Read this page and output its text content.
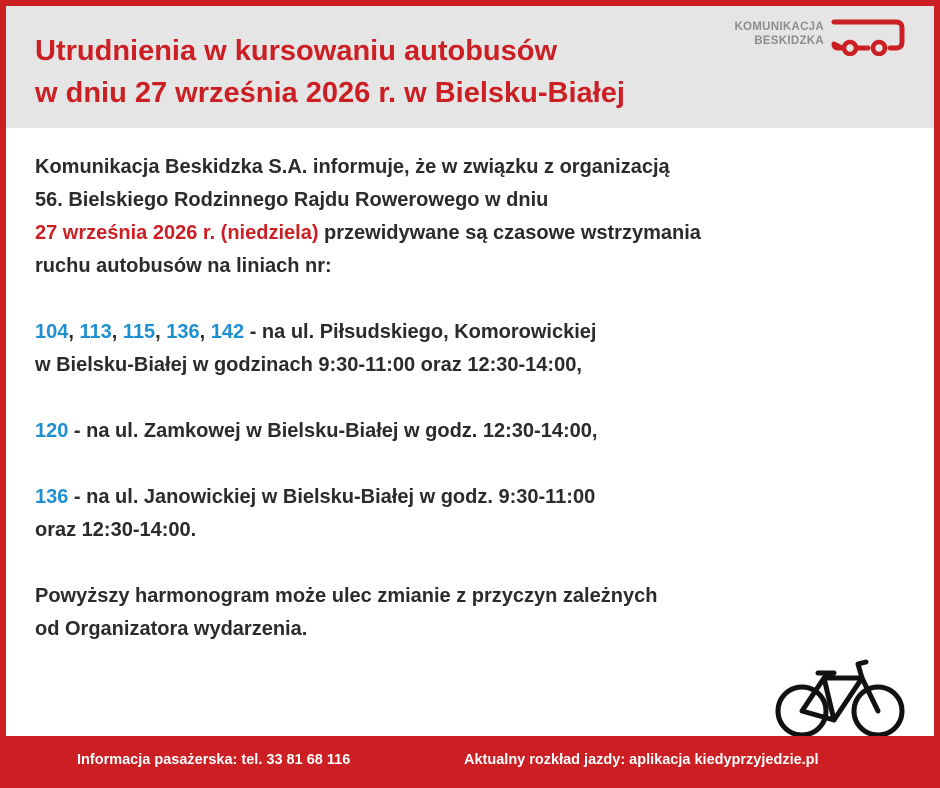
Utrudnienia w kursowaniu autobusów
w dniu 27 września 2026 r. w Bielsku-Białej
KOMUNIKACJA
BESKIDZKA

Komunikacja Beskidzka S.A. informuje, że w związku z organizacją
56. Bielskiego Rodzinnego Rajdu Rowerowego w dniu
27 września 2026 r. (niedziela) przewidywane są czasowe wstrzymania
ruchu autobusów na liniach nr:

104, 113, 115, 136, 142 - na ul. Piłsudskiego, Komorowickiej
w Bielsku-Białej w godzinach 9:30-11:00 oraz 12:30-14:00,

120 - na ul. Zamkowej w Bielsku-Białej w godz. 12:30-14:00,

136 - na ul. Janowickiej w Bielsku-Białej w godz. 9:30-11:00
oraz 12:30-14:00.

Powyższy harmonogram może ulec zmianie z przyczyn zależnych
od Organizatora wydarzenia.

Informacja pasażerska: tel. 33 81 68 116	Aktualny rozkład jazdy: aplikacja kiedyprzyjedzie.pl
